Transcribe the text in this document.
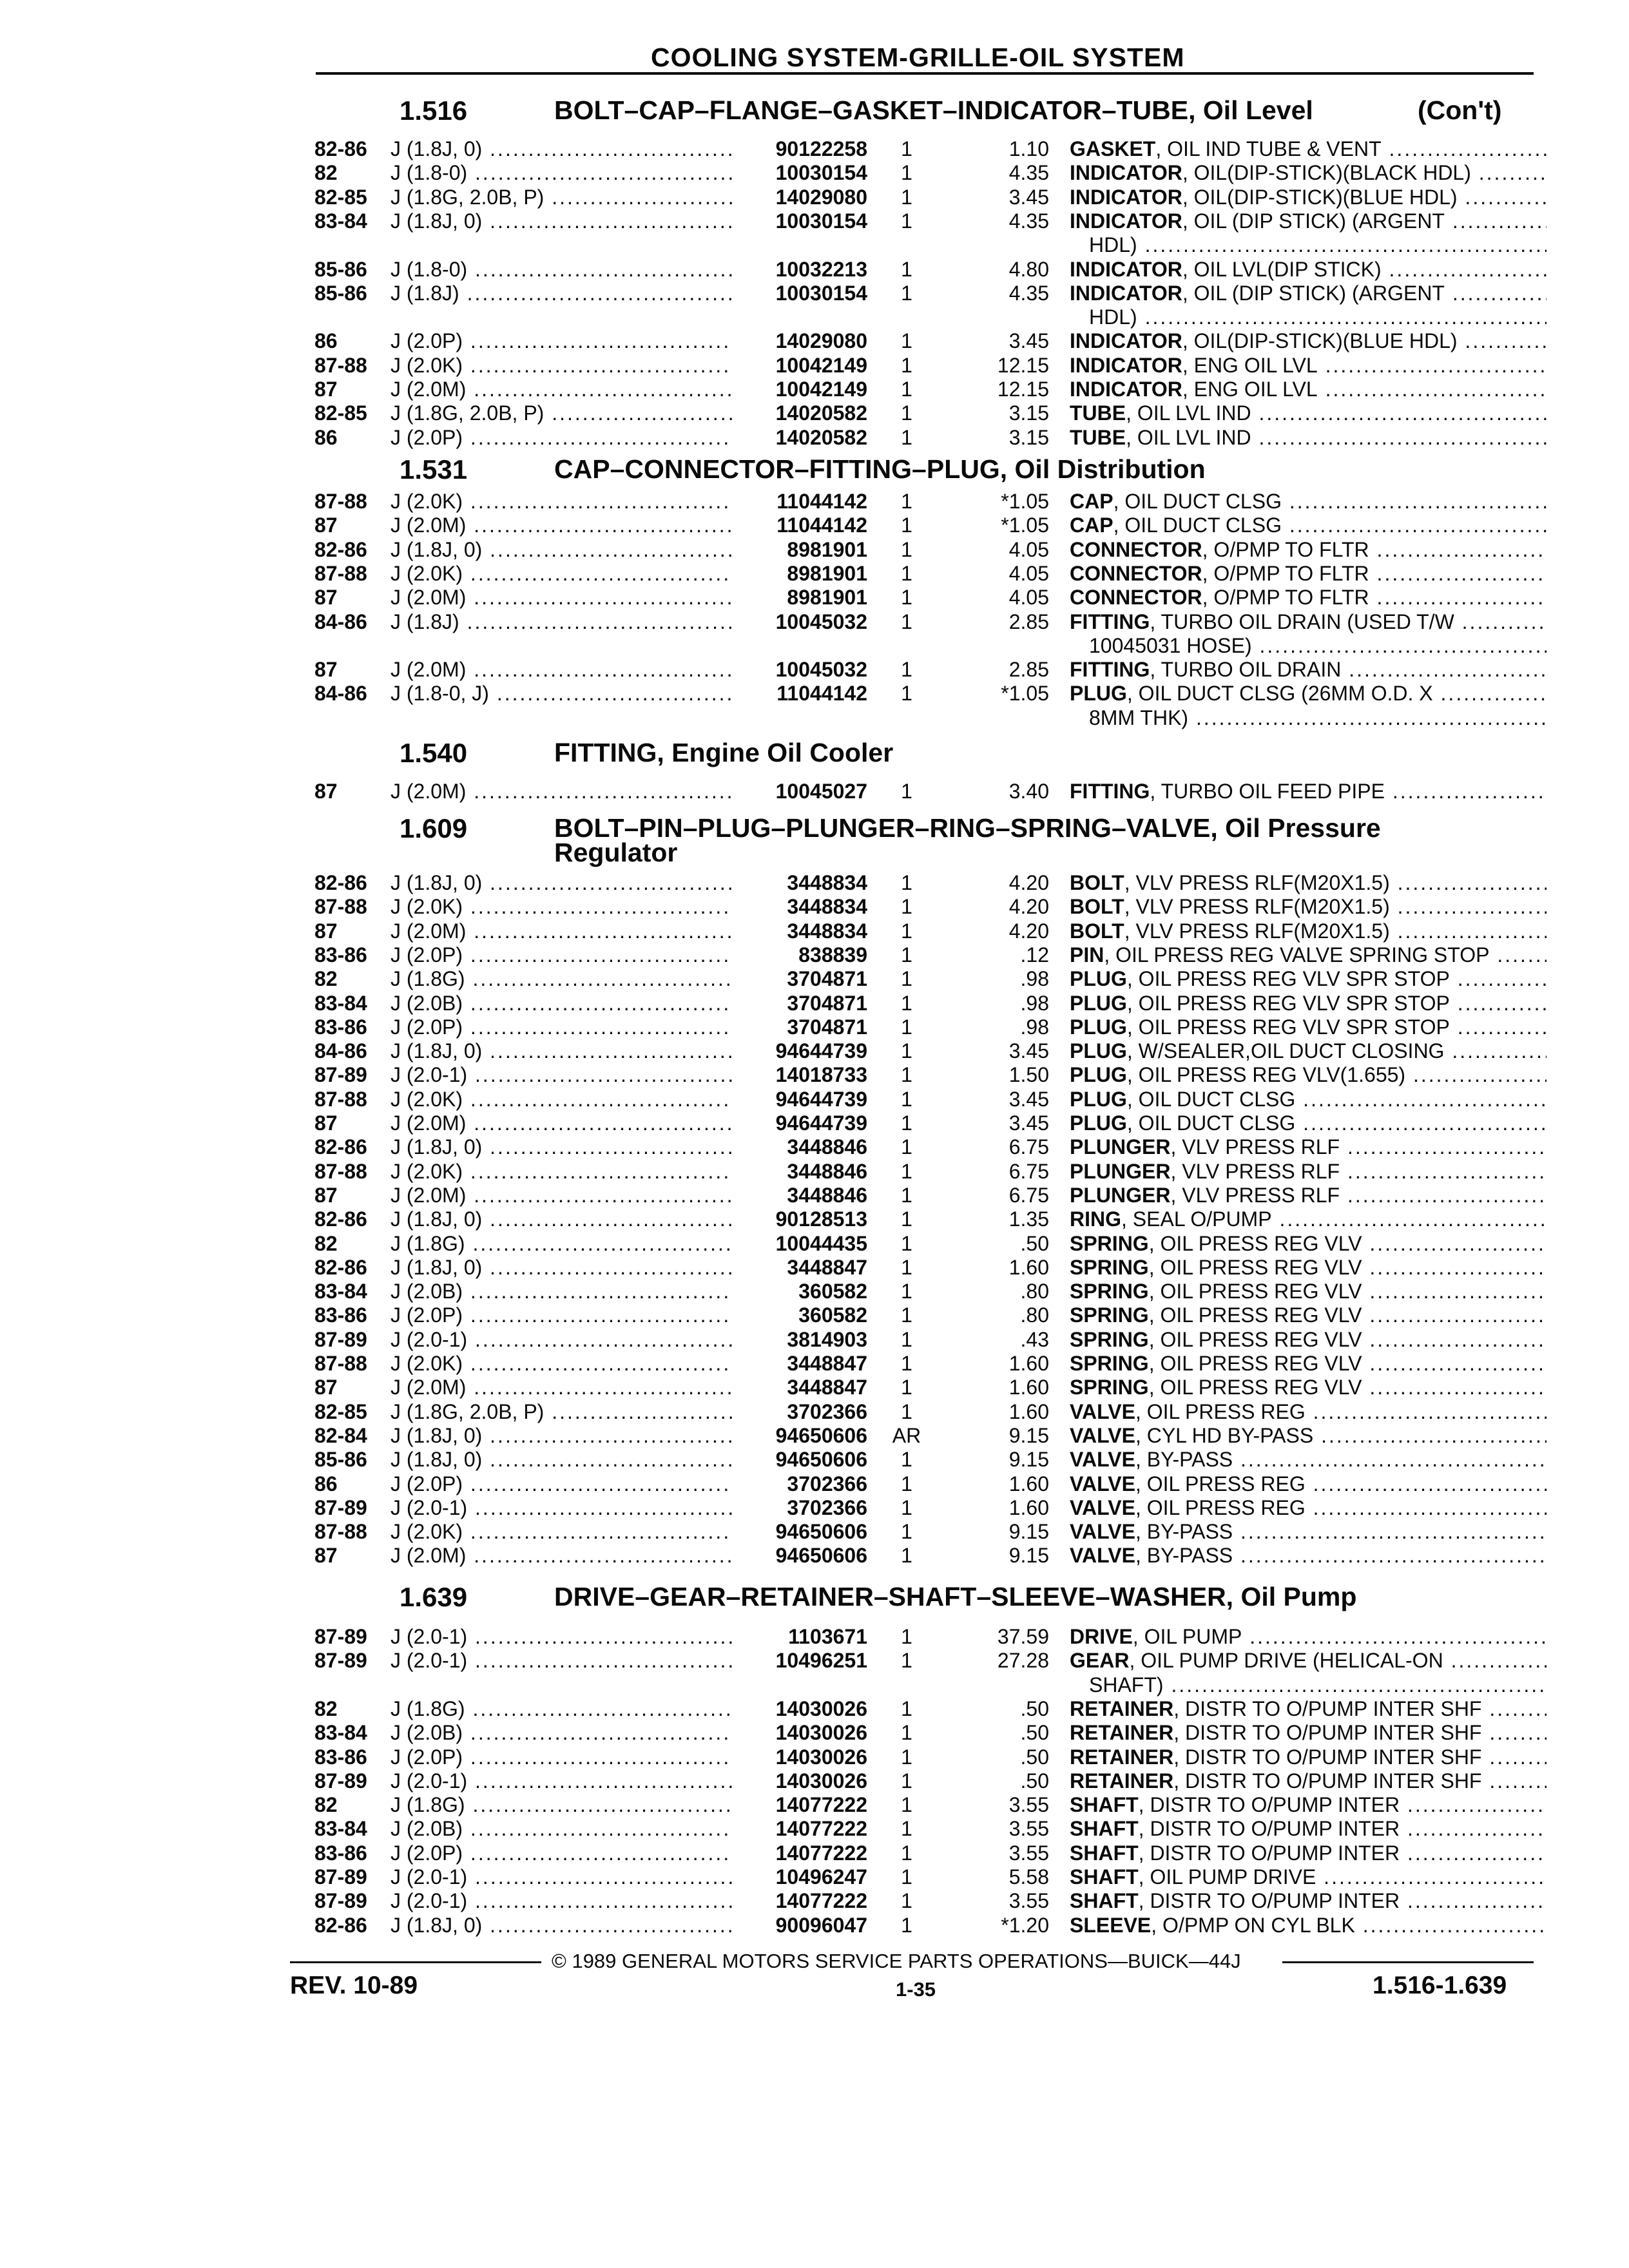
COOLING SYSTEM-GRILLE-OIL SYSTEM
1.516	BOLT–CAP–FLANGE–GASKET–INDICATOR–TUBE, Oil Level	(Con't)
82-86 J (1.8J, 0) .....	90122258	1	1.10 GASKET, OIL IND TUBE & VENT .....
82	J (1.8-0) .....	10030154	1	4.35 INDICATOR, OIL(DIP-STICK)(BLACK HDL) .....
82-85 J (1.8G, 2.0B, P) .....	14029080	1	3.45 INDICATOR, OIL(DIP-STICK)(BLUE HDL) .....
83-84 J (1.8J, 0) .....	10030154	1	4.35 INDICATOR, OIL (DIP STICK) (ARGENT .....
HDL) .....
85-86 J (1.8-0) .....	10032213	1	4.80 INDICATOR, OIL LVL(DIP STICK) .....
85-86 J (1.8J) .....	10030154	1	4.35 INDICATOR, OIL (DIP STICK) (ARGENT .....
HDL) .....
86	J (2.0P) .....	14029080	1	3.45 INDICATOR, OIL(DIP-STICK)(BLUE HDL) .....
87-88 J (2.0K) .....	10042149	1	12.15 INDICATOR, ENG OIL LVL .....
87	J (2.0M) .....	10042149	1	12.15 INDICATOR, ENG OIL LVL .....
82-85 J (1.8G, 2.0B, P) .....	14020582	1	3.15 TUBE, OIL LVL IND .....
86	J (2.0P) .....	14020582	1	3.15 TUBE, OIL LVL IND .....
1.531	CAP–CONNECTOR–FITTING–PLUG, Oil Distribution
87-88 J (2.0K) .....	11044142	1	*1.05 CAP, OIL DUCT CLSG .....
87	J (2.0M) .....	11044142	1	*1.05 CAP, OIL DUCT CLSG .....
82-86 J (1.8J, 0) .....	8981901	1	4.05 CONNECTOR, O/PMP TO FLTR .....
87-88 J (2.0K) .....	8981901	1	4.05 CONNECTOR, O/PMP TO FLTR .....
87	J (2.0M) .....	8981901	1	4.05 CONNECTOR, O/PMP TO FLTR .....
84-86 J (1.8J) .....	10045032	1	2.85 FITTING, TURBO OIL DRAIN (USED T/W .....
10045031 HOSE) .....
87	J (2.0M) .....	10045032	1	2.85 FITTING, TURBO OIL DRAIN .....
84-86 J (1.8-0, J) .....	11044142	1	*1.05 PLUG, OIL DUCT CLSG (26MM O.D. X .....
8MM THK) .....
1.540	FITTING, Engine Oil Cooler
87	J (2.0M) .....	10045027	1	3.40 FITTING, TURBO OIL FEED PIPE .....
1.609	BOLT–PIN–PLUG–PLUNGER–RING–SPRING–VALVE, Oil Pressure
Regulator
82-86 J (1.8J, 0) .....	3448834	1	4.20 BOLT, VLV PRESS RLF(M20X1.5) .....
87-88 J (2.0K) .....	3448834	1	4.20 BOLT, VLV PRESS RLF(M20X1.5) .....
87	J (2.0M) .....	3448834	1	4.20 BOLT, VLV PRESS RLF(M20X1.5) .....
83-86 J (2.0P) .....	838839	1	.12 PIN, OIL PRESS REG VALVE SPRING STOP .....
82	J (1.8G) .....	3704871	1	.98 PLUG, OIL PRESS REG VLV SPR STOP .....
83-84 J (2.0B) .....	3704871	1	.98 PLUG, OIL PRESS REG VLV SPR STOP .....
83-86 J (2.0P) .....	3704871	1	.98 PLUG, OIL PRESS REG VLV SPR STOP .....
84-86 J (1.8J, 0) .....	94644739	1	3.45 PLUG, W/SEALER,OIL DUCT CLOSING .....
87-89 J (2.0-1) .....	14018733	1	1.50 PLUG, OIL PRESS REG VLV(1.655) .....
87-88 J (2.0K) .....	94644739	1	3.45 PLUG, OIL DUCT CLSG .....
87	J (2.0M) .....	94644739	1	3.45 PLUG, OIL DUCT CLSG .....
82-86 J (1.8J, 0) .....	3448846	1	6.75 PLUNGER, VLV PRESS RLF .....
87-88 J (2.0K) .....	3448846	1	6.75 PLUNGER, VLV PRESS RLF .....
87	J (2.0M) .....	3448846	1	6.75 PLUNGER, VLV PRESS RLF .....
82-86 J (1.8J, 0) .....	90128513	1	1.35 RING, SEAL O/PUMP .....
82	J (1.8G) .....	10044435	1	.50 SPRING, OIL PRESS REG VLV .....
82-86 J (1.8J, 0) .....	3448847	1	1.60 SPRING, OIL PRESS REG VLV .....
83-84 J (2.0B) .....	360582	1	.80 SPRING, OIL PRESS REG VLV .....
83-86 J (2.0P) .....	360582	1	.80 SPRING, OIL PRESS REG VLV .....
87-89 J (2.0-1) .....	3814903	1	.43 SPRING, OIL PRESS REG VLV .....
87-88 J (2.0K) .....	3448847	1	1.60 SPRING, OIL PRESS REG VLV .....
87	J (2.0M) .....	3448847	1	1.60 SPRING, OIL PRESS REG VLV .....
82-85 J (1.8G, 2.0B, P) .....	3702366	1	1.60 VALVE, OIL PRESS REG .....
82-84 J (1.8J, 0) .....	94650606	AR	9.15 VALVE, CYL HD BY-PASS .....
85-86 J (1.8J, 0) .....	94650606	1	9.15 VALVE, BY-PASS .....
86	J (2.0P) .....	3702366	1	1.60 VALVE, OIL PRESS REG .....
87-89 J (2.0-1) .....	3702366	1	1.60 VALVE, OIL PRESS REG .....
87-88 J (2.0K) .....	94650606	1	9.15 VALVE, BY-PASS .....
87	J (2.0M) .....	94650606	1	9.15 VALVE, BY-PASS .....
1.639	DRIVE–GEAR–RETAINER–SHAFT–SLEEVE–WASHER, Oil Pump
87-89 J (2.0-1) .....	1103671	1	37.59 DRIVE, OIL PUMP .....
87-89 J (2.0-1) .....	10496251	1	27.28 GEAR, OIL PUMP DRIVE (HELICAL-ON .....
SHAFT) .....
82	J (1.8G) .....	14030026	1	.50 RETAINER, DISTR TO O/PUMP INTER SHF .....
83-84 J (2.0B) .....	14030026	1	.50 RETAINER, DISTR TO O/PUMP INTER SHF .....
83-86 J (2.0P) .....	14030026	1	.50 RETAINER, DISTR TO O/PUMP INTER SHF .....
87-89 J (2.0-1) .....	14030026	1	.50 RETAINER, DISTR TO O/PUMP INTER SHF .....
82	J (1.8G) .....	14077222	1	3.55 SHAFT, DISTR TO O/PUMP INTER .....
83-84 J (2.0B) .....	14077222	1	3.55 SHAFT, DISTR TO O/PUMP INTER .....
83-86 J (2.0P) .....	14077222	1	3.55 SHAFT, DISTR TO O/PUMP INTER .....
87-89 J (2.0-1) .....	10496247	1	5.58 SHAFT, OIL PUMP DRIVE .....
87-89 J (2.0-1) .....	14077222	1	3.55 SHAFT, DISTR TO O/PUMP INTER .....
82-86 J (1.8J, 0) .....	90096047	1	*1.20 SLEEVE, O/PMP ON CYL BLK .....
© 1989 GENERAL MOTORS SERVICE PARTS OPERATIONS—BUICK—44J
REV. 10-89	1-35	1.516-1.639
